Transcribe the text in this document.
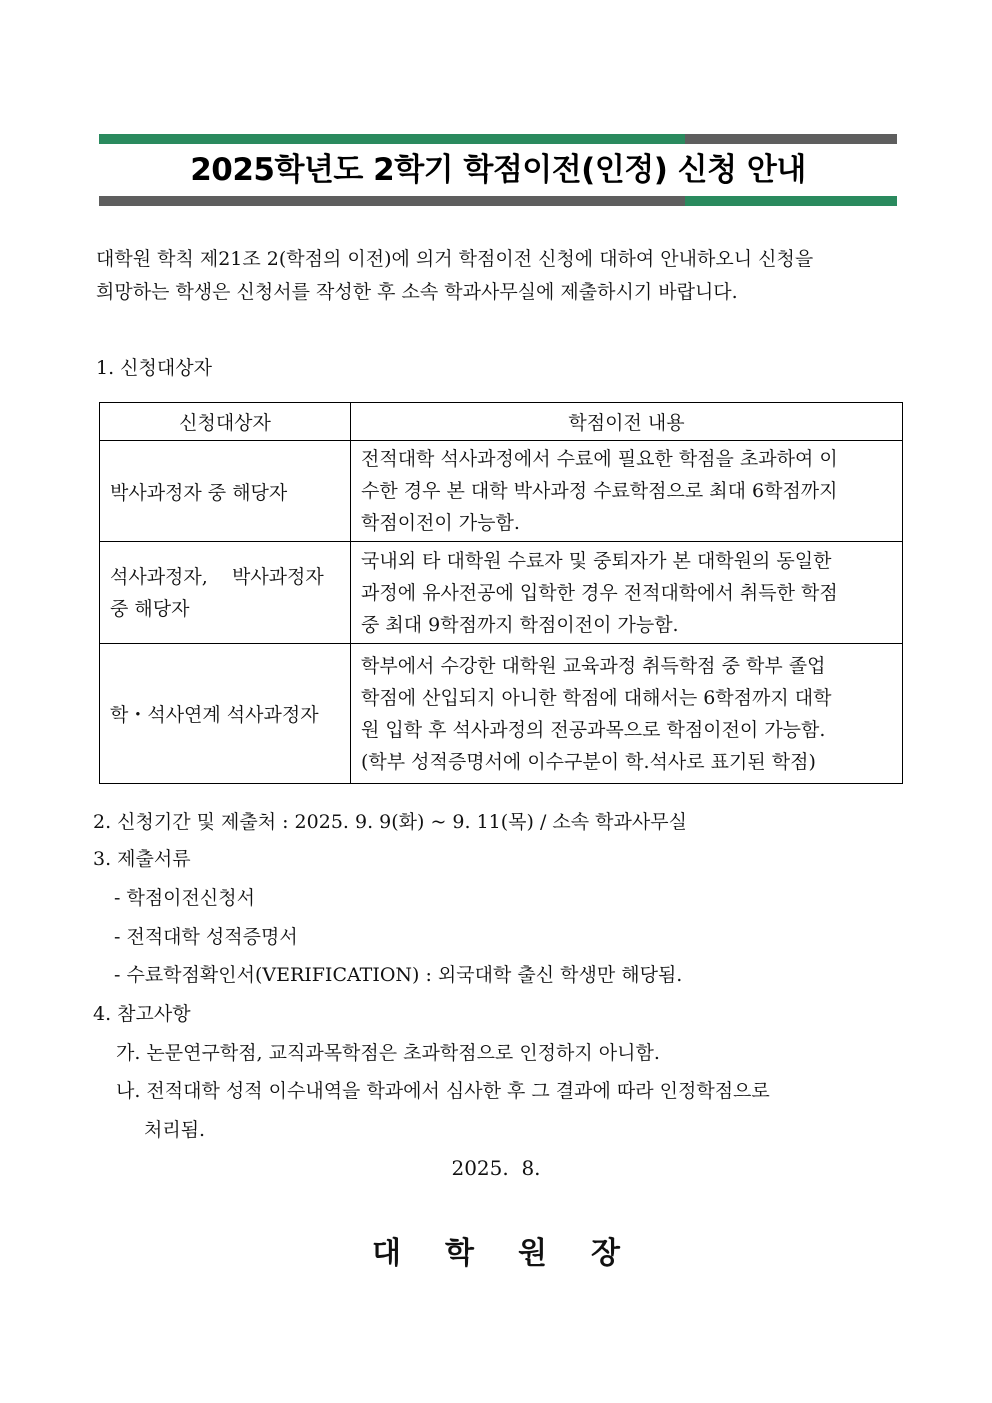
2025학년도 2학기 학점이전(인정) 신청 안내
대학원 학칙 제21조 2(학점의 이전)에 의거 학점이전 신청에 대하여 안내하오니 신청을
희망하는 학생은 신청서를 작성한 후 소속 학과사무실에 제출하시기 바랍니다.
1. 신청대상자
신청대상자	학점이전 내용
박사과정자 중 해당자	전적대학 석사과정에서 수료에 필요한 학점을 초과하여 이
수한 경우 본 대학 박사과정 수료학점으로 최대 6학점까지
학점이전이 가능함.

석사과정자,    박사과정자
중 해당자	국내외 타 대학원 수료자 및 중퇴자가 본 대학원의 동일한
과정에 유사전공에 입학한 경우 전적대학에서 취득한 학점
중 최대 9학점까지 학점이전이 가능함.

학・석사연계 석사과정자	학부에서 수강한 대학원 교육과정 취득학점 중 학부 졸업
학점에 산입되지 아니한 학점에 대해서는 6학점까지 대학
원 입학 후 석사과정의 전공과목으로 학점이전이 가능함.
(학부 성적증명서에 이수구분이 학.석사로 표기된 학점)
2. 신청기간 및 제출처 : 2025. 9. 9(화) ~ 9. 11(목) / 소속 학과사무실
3. 제출서류
- 학점이전신청서
- 전적대학 성적증명서
- 수료학점확인서(VERIFICATION) : 외국대학 출신 학생만 해당됨.
4. 참고사항
가. 논문연구학점, 교직과목학점은 초과학점으로 인정하지 아니함.
나. 전적대학 성적 이수내역을 학과에서 심사한 후 그 결과에 따라 인정학점으로
처리됨.
2025.  8.
대학원장
